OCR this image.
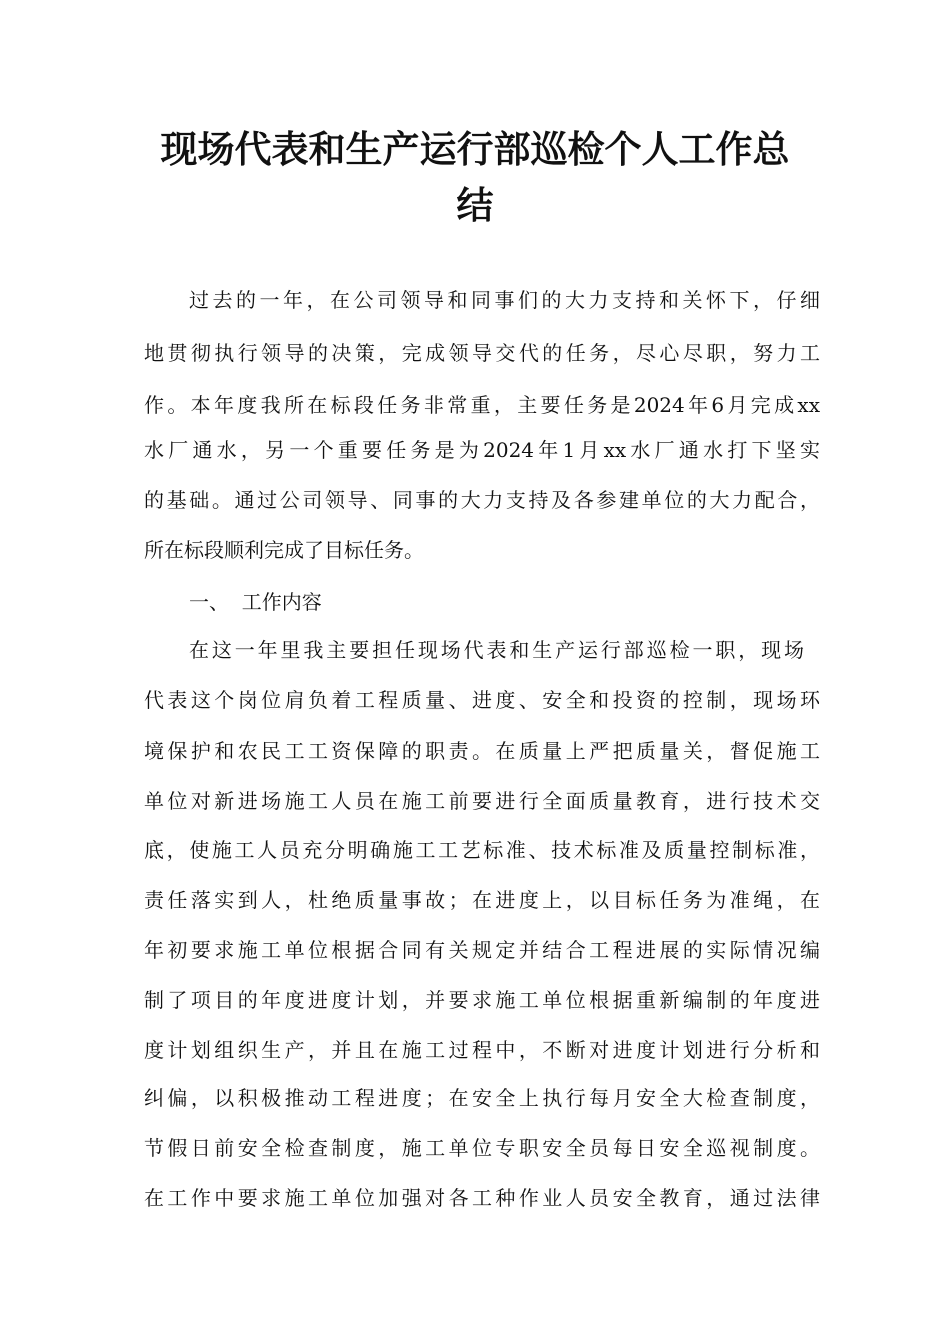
现场代表和生产运行部巡检个人工作总
结
过去的一年，在公司领导和同事们的大力支持和关怀下，仔细
地贯彻执行领导的决策，完成领导交代的任务，尽心尽职，努力工
作。本年度我所在标段任务非常重，主要任务是2024年6月完成xx
水厂通水，另一个重要任务是为2024年1月xx水厂通水打下坚实
的基础。通过公司领导、同事的大力支持及各参建单位的大力配合，
所在标段顺利完成了目标任务。
一、  工作内容
在这一年里我主要担任现场代表和生产运行部巡检一职，现场
代表这个岗位肩负着工程质量、进度、安全和投资的控制，现场环
境保护和农民工工资保障的职责。在质量上严把质量关，督促施工
单位对新进场施工人员在施工前要进行全面质量教育，进行技术交
底，使施工人员充分明确施工工艺标准、技术标准及质量控制标准，
责任落实到人，杜绝质量事故；在进度上，以目标任务为准绳，在
年初要求施工单位根据合同有关规定并结合工程进展的实际情况编
制了项目的年度进度计划，并要求施工单位根据重新编制的年度进
度计划组织生产，并且在施工过程中，不断对进度计划进行分析和
纠偏，以积极推动工程进度；在安全上执行每月安全大检查制度，
节假日前安全检查制度，施工单位专职安全员每日安全巡视制度。
在工作中要求施工单位加强对各工种作业人员安全教育，通过法律
